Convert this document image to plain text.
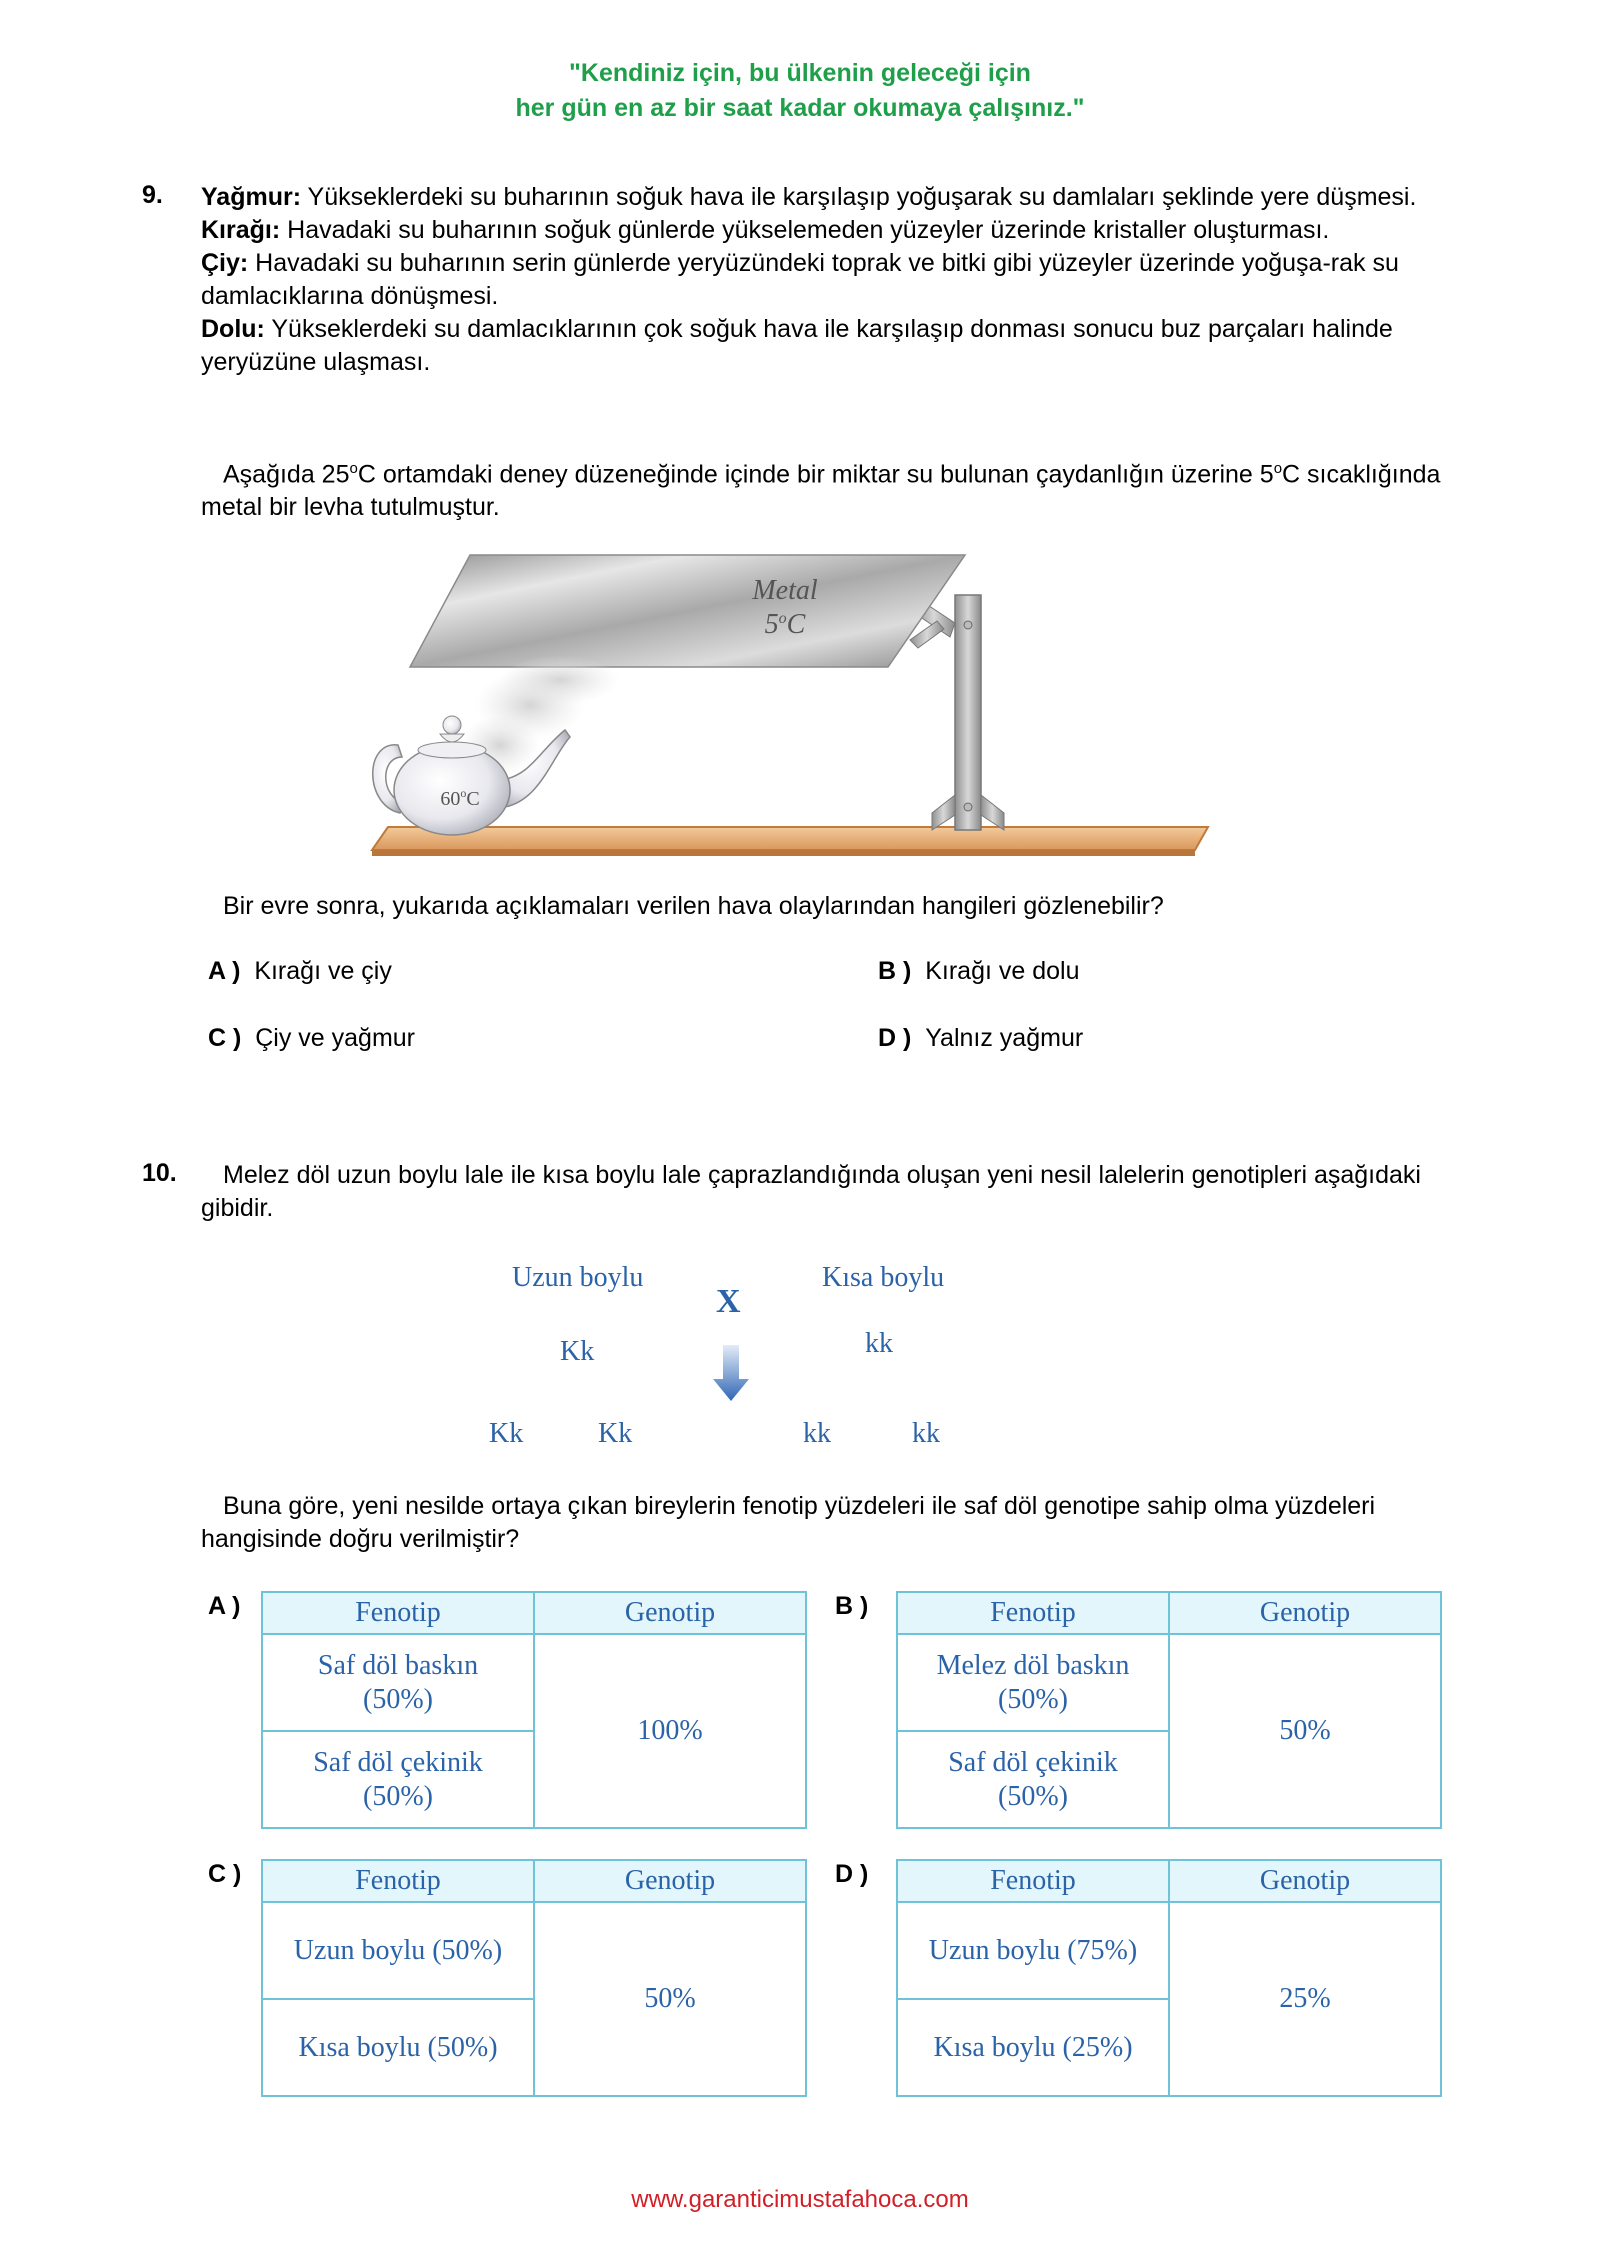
"Kendiniz için, bu ülkenin geleceği için
her gün en az bir saat kadar okumaya çalışınız."
9. Yağmur: Yükseklerdeki su buharının soğuk hava ile karşılaşıp yoğuşarak su damlaları şeklinde yere düşmesi.

Kırağı: Havadaki su buharının soğuk günlerde yükselemeden yüzeyler üzerinde kristaller oluşturması.

Çiy: Havadaki su buharının serin günlerde yeryüzündeki toprak ve bitki gibi yüzeyler üzerinde yoğuşa-rak su damlacıklarına dönüşmesi.

Dolu: Yükseklerdeki su damlacıklarının çok soğuk hava ile karşılaşıp donması sonucu buz parçaları halinde yeryüzüne ulaşması.

Aşağıda 25$^o$C ortamdaki deney düzeneğinde içinde bir miktar su bulunan çaydanlığın üzerine 5$^o$C sıcaklığında metal bir levha tutulmuştur.
Metal
5$^o$C
60$^o$C
Bir evre sonra, yukarıda açıklamaları verilen hava olaylarından hangileri gözlenebilir?
A ) Kırağı ve çiy	B ) Kırağı ve dolu
C ) Çiy ve yağmur	D ) Yalnız yağmur
10.	Melez döl uzun boylu lale ile kısa boylu lale çaprazlandığında oluşan yeni nesil lalelerin genotipleri aşağıdaki gibidir.
Uzun boylu	Kısa boylu
X
Kk	kk
Kk	Kk	kk	kk
Buna göre, yeni nesilde ortaya çıkan bireylerin fenotip yüzdeleri ile saf döl genotipe sahip olma yüzdeleri hangisinde doğru verilmiştir?
A )	Fenotip	Genotip

Saf döl baskın (50%)	100%

Saf döl çekinik (50%)	
B )	Fenotip	Genotip

Melez döl baskın (50%)	50%

Saf döl çekinik (50%)	
C )	Fenotip	Genotip
Uzun boylu (50%)	50%
Kısa boylu (50%)	
D )	Fenotip	Genotip
Uzun boylu (75%)	25%
Kısa boylu (25%)	
www.garanticimustafahoca.com
